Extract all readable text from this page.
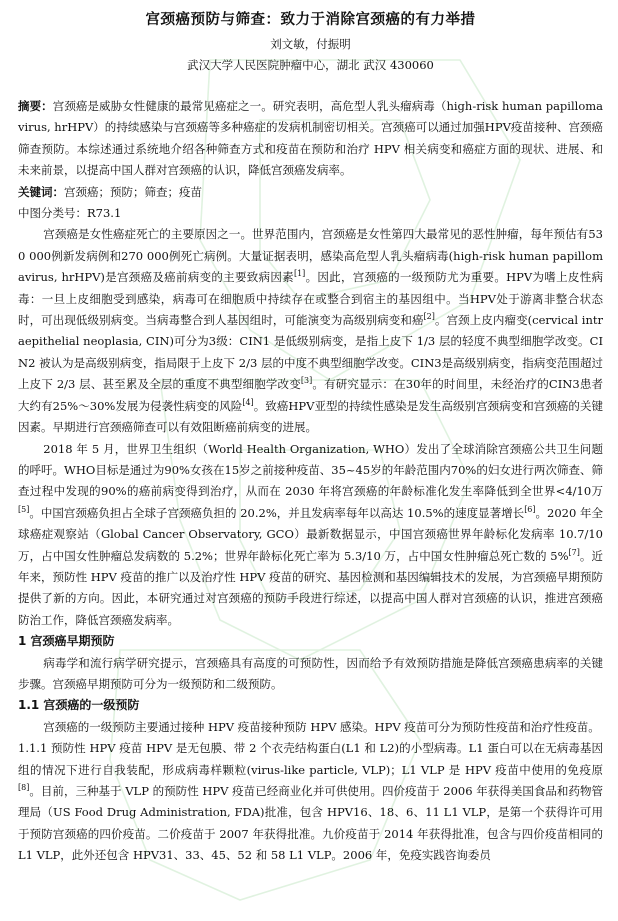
宫颈癌预防与筛查：致力于消除宫颈癌的有力举措
刘文敏，付振明
武汉大学人民医院肿瘤中心，湖北 武汉 430060

摘要：宫颈癌是威胁女性健康的最常见癌症之一。研究表明，高危型人乳头瘤病毒（high-risk human papillomavirus, hrHPV）的持续感染与宫颈癌等多种癌症的发病机制密切相关。宫颈癌可以通过加强HPV疫苗接种、宫颈癌筛查预防。本综述通过系统地介绍各种筛查方式和疫苗在预防和治疗 HPV 相关病变和癌症方面的现状、进展、和未来前景，以提高中国人群对宫颈癌的认识，降低宫颈癌发病率。

关键词：宫颈癌；预防；筛查；疫苗

中图分类号：R73.1

宫颈癌是女性癌症死亡的主要原因之一。世界范围内，宫颈癌是女性第四大最常见的恶性肿瘤，每年预估有530 000例新发病例和270 000例死亡病例。大量证据表明，感染高危型人乳头瘤病毒(high-risk human papillomavirus, hrHPV)是宫颈癌及癌前病变的主要致病因素[1]。因此，宫颈癌的一级预防尤为重要。HPV为嗜上皮性病毒：一旦上皮细胞受到感染，病毒可在细胞质中持续存在或整合到宿主的基因组中。当HPV处于游离非整合状态时，可出现低级别病变。当病毒整合到人基因组时，可能演变为高级别病变和癌[2]。宫颈上皮内瘤变(cervical intraepithelial neoplasia, CIN)可分为3级：CIN1 是低级别病变，是指上皮下 1/3 层的轻度不典型细胞学改变。CIN2 被认为是高级别病变，指局限于上皮下 2/3 层的中度不典型细胞学改变。CIN3是高级别病变，指病变范围超过上皮下 2/3 层、甚至累及全层的重度不典型细胞学改变[3]。有研究显示：在30年的时间里，未经治疗的CIN3患者大约有25%～30%发展为侵袭性病变的风险[4]。致癌HPV亚型的持续性感染是发生高级别宫颈病变和宫颈癌的关键因素。早期进行宫颈癌筛查可以有效阻断癌前病变的进展。

2018 年 5 月，世界卫生组织（World Health Organization, WHO）发出了全球消除宫颈癌公共卫生问题的呼吁。WHO目标是通过为90%女孩在15岁之前接种疫苗、35~45岁的年龄范围内70%的妇女进行两次筛查、筛查过程中发现的90%的癌前病变得到治疗，从而在 2030 年将宫颈癌的年龄标准化发生率降低到全世界<4/10万[5]。中国宫颈癌负担占全球子宫颈癌负担的 20.2%，并且发病率每年以高达 10.5%的速度显著增长[6]。2020 年全球癌症观察站（Global Cancer Observatory, GCO）最新数据显示，中国宫颈癌世界年龄标化发病率 10.7/10 万，占中国女性肿瘤总发病数的 5.2%；世界年龄标化死亡率为 5.3/10 万，占中国女性肿瘤总死亡数的 5%[7]。近年来，预防性 HPV 疫苗的推广以及治疗性 HPV 疫苗的研究、基因检测和基因编辑技术的发展，为宫颈癌早期预防提供了新的方向。因此，本研究通过对宫颈癌的预防手段进行综述，以提高中国人群对宫颈癌的认识，推进宫颈癌防治工作，降低宫颈癌发病率。

1 宫颈癌早期预防

病毒学和流行病学研究提示，宫颈癌具有高度的可预防性，因而给予有效预防措施是降低宫颈癌患病率的关键步骤。宫颈癌早期预防可分为一级预防和二级预防。

1.1 宫颈癌的一级预防

宫颈癌的一级预防主要通过接种 HPV 疫苗接种预防 HPV 感染。HPV 疫苗可分为预防性疫苗和治疗性疫苗。

1.1.1 预防性 HPV 疫苗 HPV 是无包膜、带 2 个衣壳结构蛋白(L1 和 L2)的小型病毒。L1 蛋白可以在无病毒基因组的情况下进行自我装配，形成病毒样颗粒(virus-like particle, VLP)；L1 VLP 是 HPV 疫苗中使用的免疫原[8]。目前，三种基于 VLP 的预防性 HPV 疫苗已经商业化并可供使用。四价疫苗于 2006 年获得美国食品和药物管理局（US Food Drug Administration, FDA)批准，包含 HPV16、18、6、11 L1 VLP，是第一个获得许可用于预防宫颈癌的四价疫苗。二价疫苗于 2007 年获得批准。九价疫苗于 2014 年获得批准，包含与四价疫苗相同的 L1 VLP，此外还包含 HPV31、33、45、52 和 58 L1 VLP。2006 年，免疫实践咨询委员
